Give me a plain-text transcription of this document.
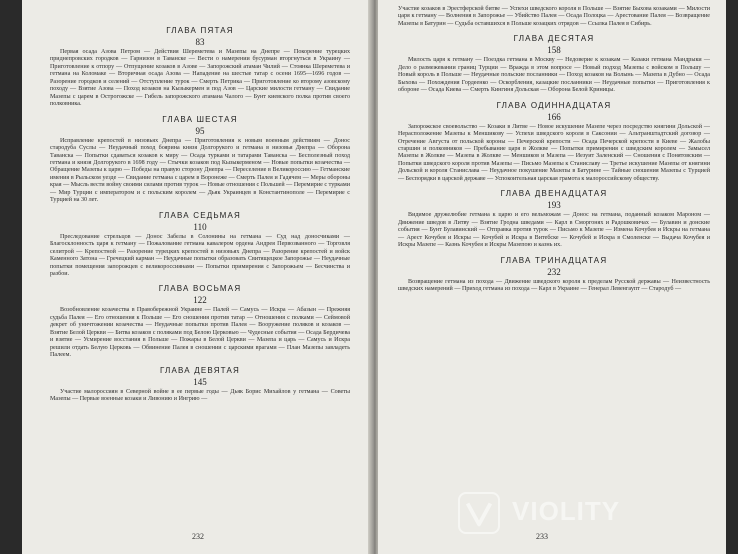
ГЛАВА ПЯТАЯ
83

Первая осада Азова Петром — Действия Шереметева и Мазепы на Днепре — Покорение турецких приднепровских городков — Гарнизон в Таванске — Вести о намерении бусурман вторгнуться в Украину — Приготовление к отпору — Отпущение козаков в Азове — Запорожский атаман Чилий — Стоянка Шереметева и гетмана на Коломаке — Вторичная осада Азова — Нападение на шестые татар с осени 1695—1696 годов — Разорение городков и селений — Отступление турок — Смерть Петрика — Приготовление ко второму азовскому походу — Взятие Азова — Поход козаков на Кызыкермен и под Азов — Царские милости гетману — Свидание Мазепы с царем в Острогожске — Гибель запорожского атамана Чалого — Бунт киевского полка против своего полковника.

ГЛАВА ШЕСТАЯ
95

Исправление крепостей в низовьях Днепра — Приготовления к новым военным действиям — Донос стародуба Суслы — Неудачный поход боярина князя Долгорукого и гетмана в низовья Днепра — Оборона Таванска — Попытки сдаваться козаков к миру — Осада турками и татарами Таванска — Бесполезный поход гетмана и князя Долгорукого в 1698 году — Стычки козаков под Кызыкерменом — Новые попытки козачества — Обращение Мазепы к царю — Победы на правую сторону Днепра — Переселение в Великороссию — Гетманские имения в Рыльском уезде — Свидание гетмана с царем в Воронеже — Смерть Палея и Гадячем — Меры обороны края — Мысль вести войну своими силами против турок — Новые отношения с Польшей — Перемирие с турками — Мир Турции с императором и с польским королем — Дьяк Украинцев в Константинополе — Перемирие с Турцией на 30 лет.

ГЛАВА СЕДЬМАЯ
110

Преследование стрельцов — Донос Забелы в Солонины на гетмана — Суд над доносчиками — Благосклонность царя к гетману — Пожалование гетмана кавалером ордена Андрея Первозванного — Торговля селитрой — Крепостной — Разорение турецких крепостей в низовьях Днепра — Разорение крепостей и войск Каменного Затона — Гречецкий карман — Неудачные попытки образовать Свитящецкое Запорожье — Неудачные попытки помещения запорожцев с великороссиянами — Попытки примирения с Запорожьем — Бесчинства и разбои.

ГЛАВА ВОСЬМАЯ
122

Возобновление козачества в Правобережной Украине — Палей — Самусь — Искра — Абазын — Прежняя судьба Палея — Его отношения к Польше — Его сношения против татар — Отношения с полками — Сеймовой декрет об уничтожении козачества — Неудачные попытки против Палея — Вооружение поляков и козаков — Взятие Белой Церкви — Битва козаков с поляками под Белою Церковью — Чудесные события — Осада Бердичева и взятие — Усмирение восстания в Польше — Пожары в Белой Церкви — Мазепа и царь — Самусь и Искра решили отдать Белую Церковь — Обвинение Палея в сношении с царскими врагами — План Мазепы завладеть Палеем.

ГЛАВА ДЕВЯТАЯ
145

Участие малороссиян в Северной войне в ее первые годы — Дьяк Борис Михайлов у гетмана — Советы Мазепы — Первые военные козаки и Ливонию и Ингрию —

232

Участие козаков в Эрестферской битве — Успехи шведского короля в Польше — Взятие Быхова козаками — Милости царя к гетману — Волнения в Запорожье — Убийство Палея — Осада Полоцка — Арестование Палея — Возвращение Мазепы в Батурин — Судьба оставшихся в Польше козацких отрядов — Ссылка Палея в Сибирь.

ГЛАВА ДЕСЯТАЯ
158

Милость царя к гетману — Поездка гетмана в Москву — Недоверие к козакам — Казаки гетмана Мандрыки — Дело о размежевании границ Турции — Вражда в этом вопросе — Новый подход Мазепы с войском в Польшу — Новый король в Польше — Неудачные польские посланники — Поход козаков на Волынь — Мазепа в Дубно — Осада Быхова — Похождения Гордеенко — Оскорбления, казацкие посланники — Неудачные попытки — Приготовления к обороне — Осада Киева — Смерть Кингиня Дольская — Оборона Белой Криницы.

ГЛАВА ОДИННАДЦАТАЯ
166

Запорожское своевольство — Козаки в Литве — Новое искушение Мазепе через посредство княгини Дольской — Нерасположение Мазепы к Меншикову — Успехи шведского короля в Саксонии — Альтранштадтский договор — Отречение Августа от польской короны — Печерской крепости — Осада Печерской крепости в Киеве — Жалобы старшин и полковников — Пребывание царя в Жолкве — Попытки примирения с шведским королем — Замысел Мазепы в Жолкве — Мазепа в Жолкве — Меншиков и Мазепа — Иезуит Заленский — Сношения с Понятовским — Попытки шведского короля против Мазепы — Письмо Мазепы к Станиславу — Третье искушение Мазепы от княгини Дольской и короля Станислава — Неудачное покушение Мазепы в Батурине — Тайные сношения Мазепы с Турцией — Беспорядки в царской державе — Успокоительная царская грамота к малороссийскому обществу.

ГЛАВА ДВЕНАДЦАТАЯ
193

Видимое дружелюбие гетмана к царю и его вельможам — Донос на гетмана, поданный козаком Мароном — Движение шведов в Литву — Взятие Гродна шведами — Карл в Сморгонях и Радошковичах — Булавин и донские события — Бунт Булавинский — Отправка против турок — Письмо к Мазепе — Измена Кочубея и Искры на гетмана — Арест Кочубея и Искры — Кочубей и Искра в Витебске — Кочубей и Искра в Смоленске — Выдача Кочубея и Искры Мазепе — Казнь Кочубея и Искры Мазепою и казнь их.

ГЛАВА ТРИНАДЦАТАЯ
232

Возвращение гетмана из похода — Движение шведского короля к пределам Русской державы — Неизвестность шведских намерений — Приход гетмана из похода — Карл в Украине — Генерал Левенгаупт — Стародуб —

233
VIOLITY
